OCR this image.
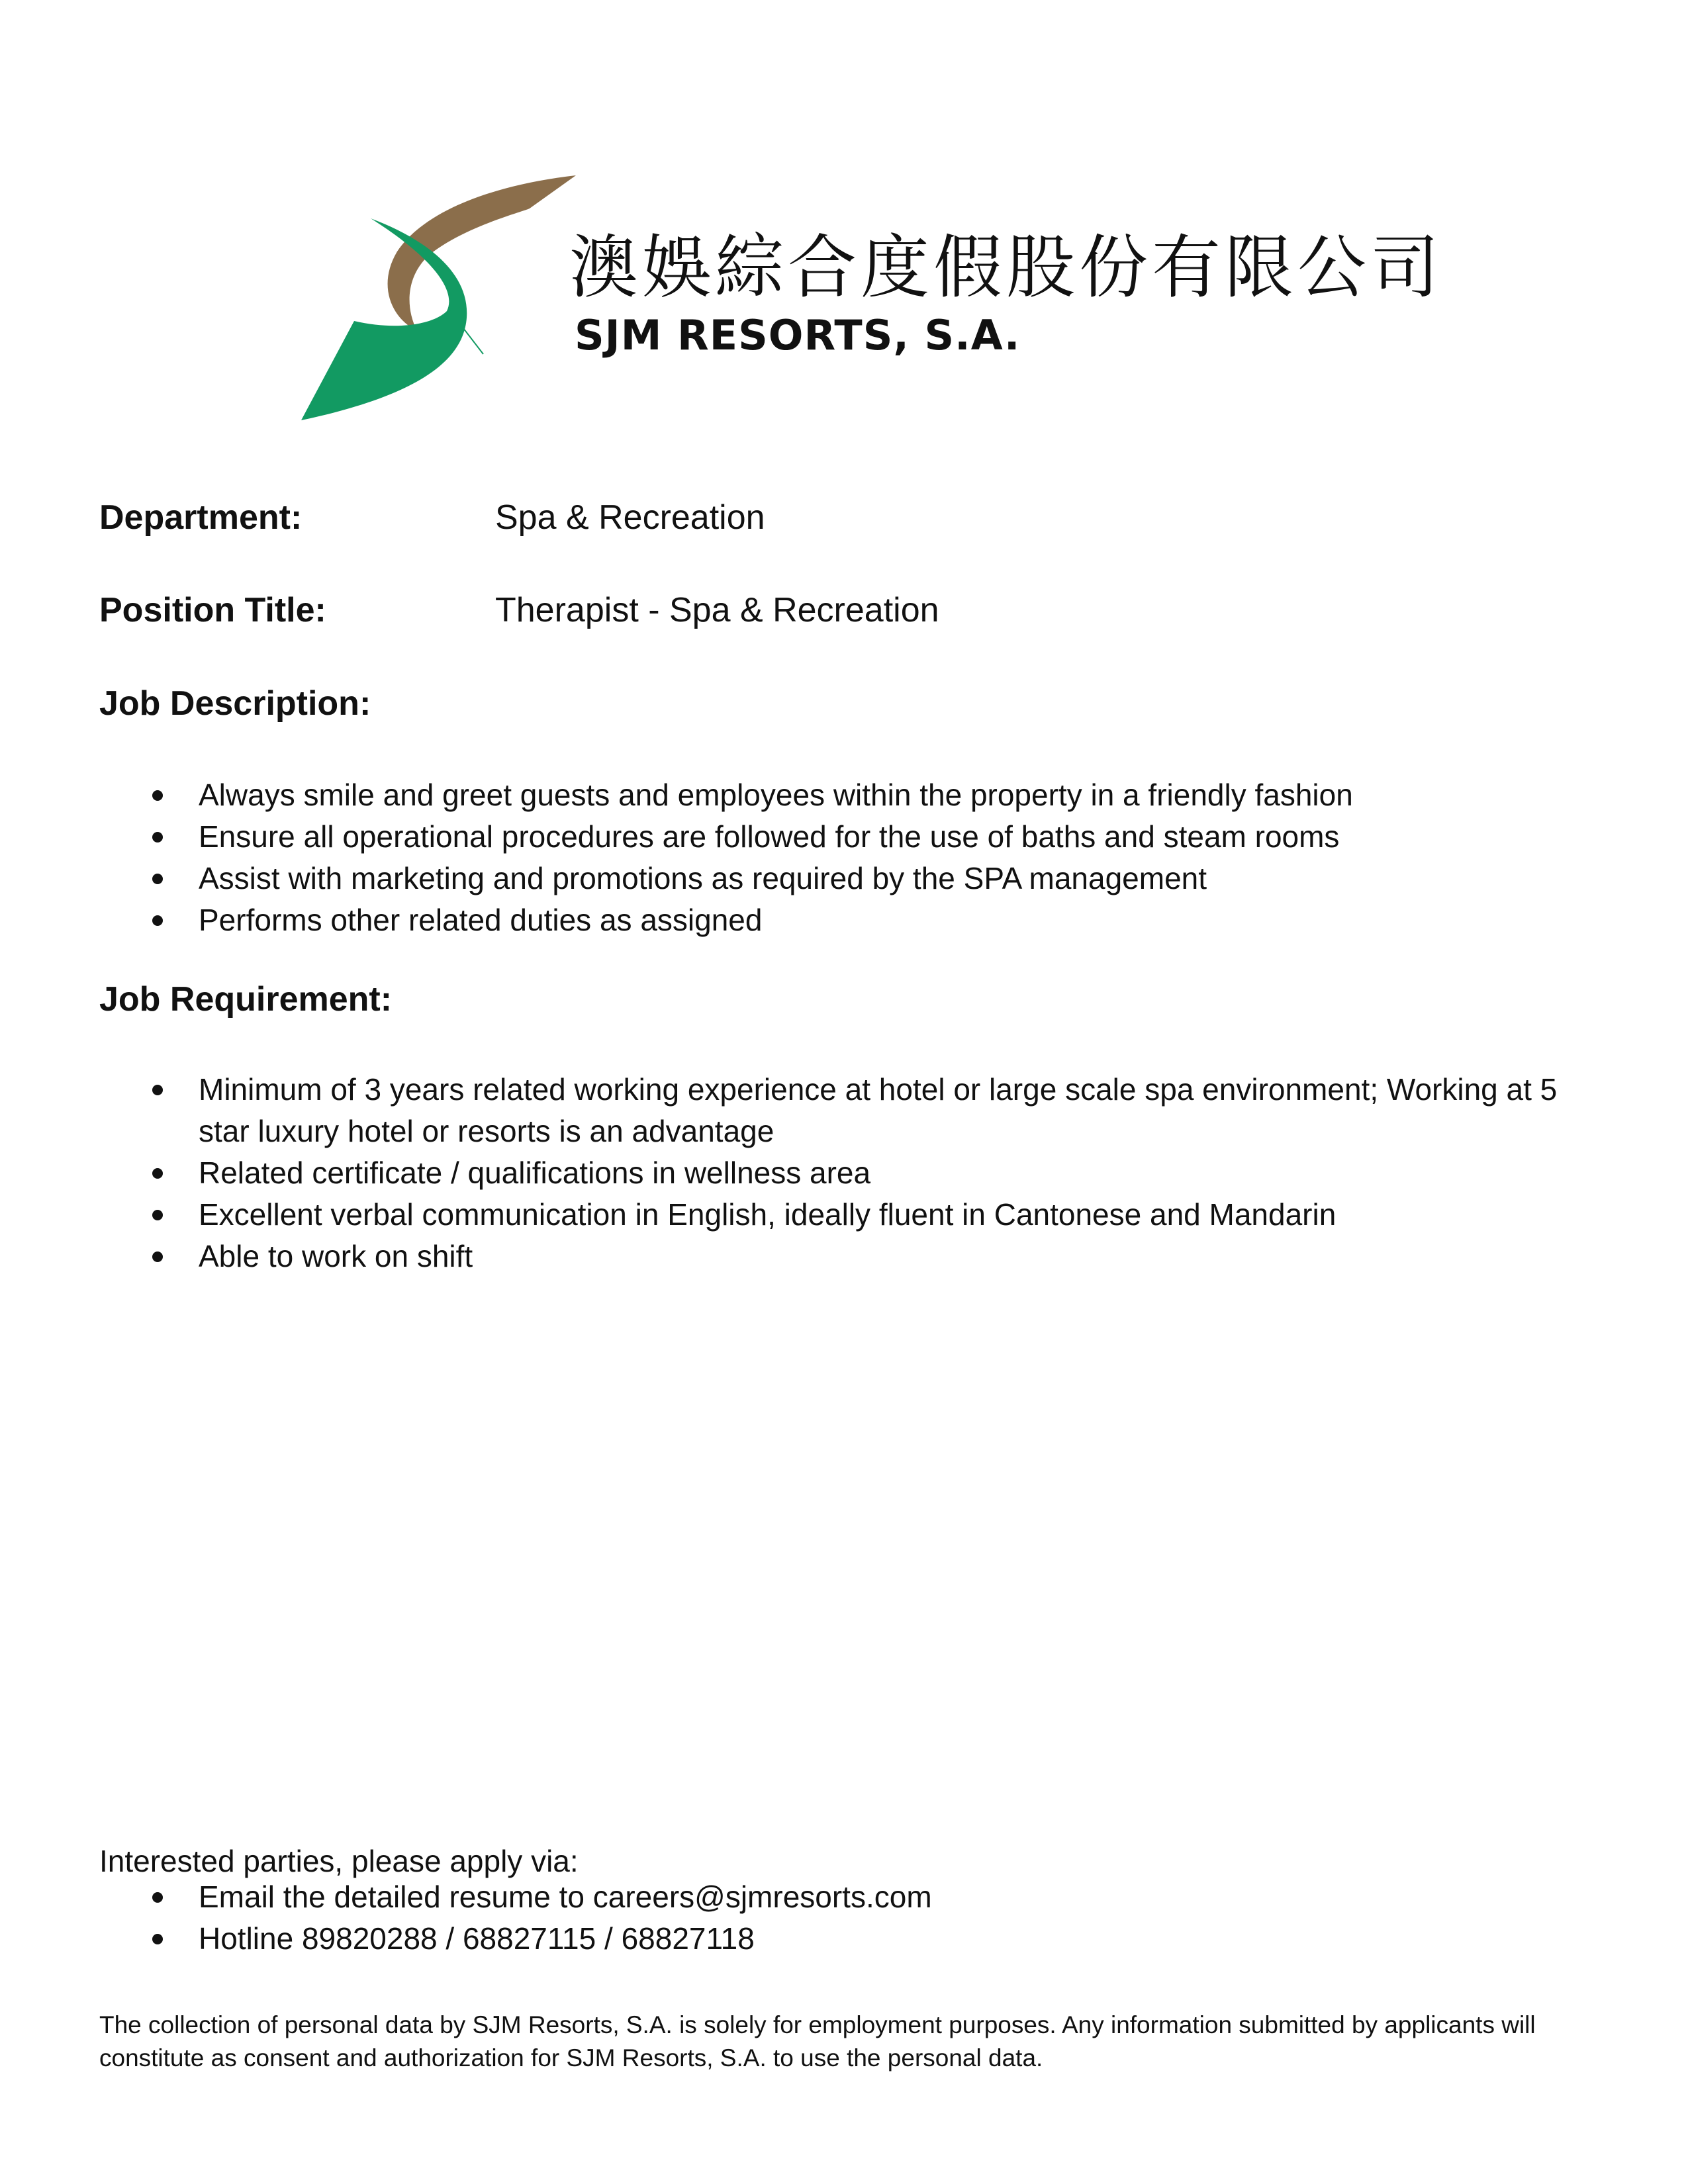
澳娛綜合度假股份有限公司
SJM RESORTS, S.A.
Department:	Spa & Recreation
Position Title:	Therapist - Spa & Recreation
Job Description:
Always smile and greet guests and employees within the property in a friendly fashion
Ensure all operational procedures are followed for the use of baths and steam rooms
Assist with marketing and promotions as required by the SPA management
Performs other related duties as assigned
Job Requirement:
Minimum of 3 years related working experience at hotel or large scale spa environment; Working at 5 star luxury hotel or resorts is an advantage
Related certificate / qualifications in wellness area
Excellent verbal communication in English, ideally fluent in Cantonese and Mandarin
Able to work on shift
Interested parties, please apply via:
Email the detailed resume to careers@sjmresorts.com
Hotline 89820288 / 68827115 / 68827118
The collection of personal data by SJM Resorts, S.A. is solely for employment purposes. Any information submitted by applicants will constitute as consent and authorization for SJM Resorts, S.A. to use the personal data.
